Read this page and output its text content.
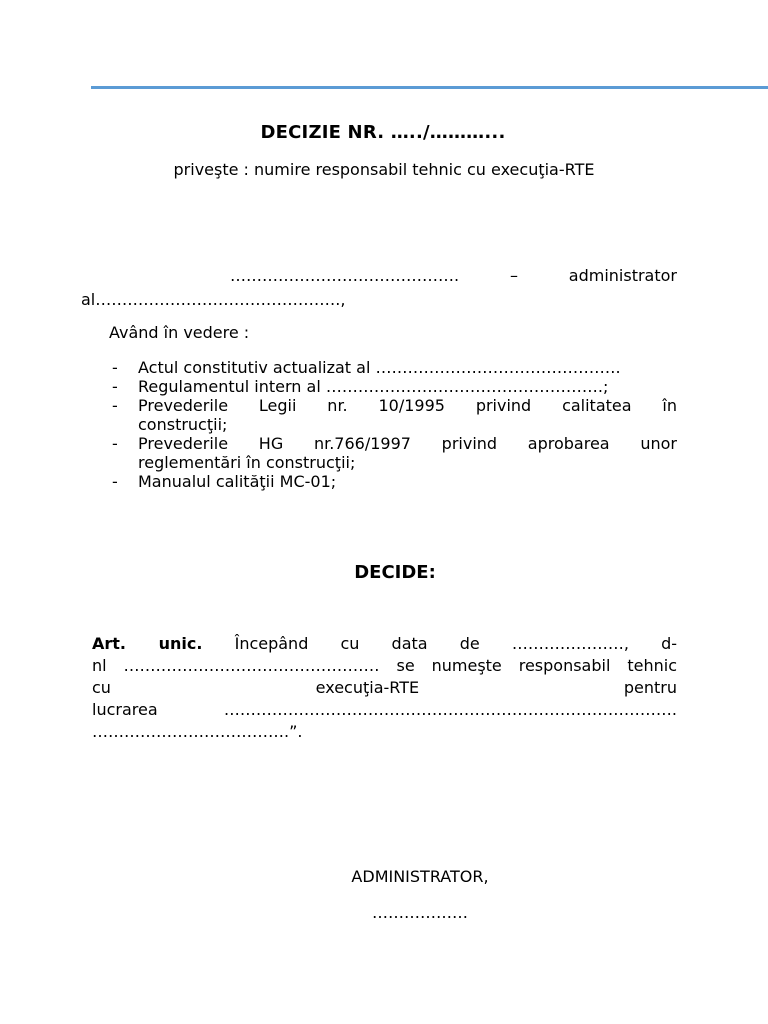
DECIZIE NR. …../………...
priveşte : numire responsabil tehnic cu execuţia-RTE
…………………………………….	–	administrator
al……………………………………….,
Având în vedere :
- Actul constitutiv actualizat al ……………………………………….
- Regulamentul intern al …………………………………………….;
- Prevederile Legii nr. 10/1995 privind calitatea în
construcţii;
- Prevederile HG nr.766/1997 privind aprobarea unor
reglementări în construcţii;
- Manualul calităţii MC-01;
DECIDE:
Art. unic. Începând cu data de …………………, d-
nl ………………………………………… se numeşte responsabil tehnic
cu execuţia-RTE pentru
lucrarea ………………………………………………………………………….
……………………………….”.
ADMINISTRATOR,
………………
